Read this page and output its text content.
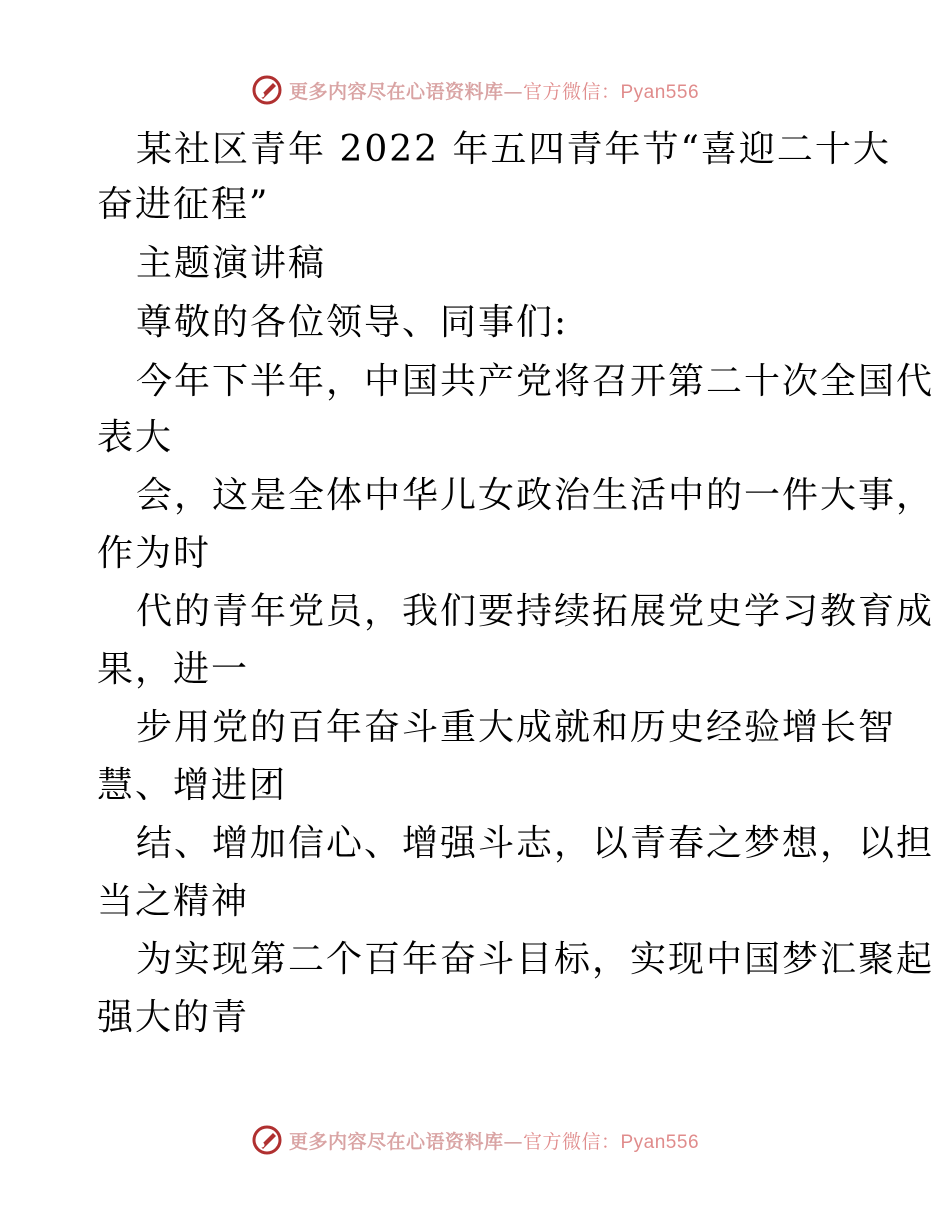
更多内容尽在心语资料库—官方微信：Pyan556
某社区青年 2022 年五四青年节“喜迎二十大
奋进征程”
主题演讲稿
尊敬的各位领导、同事们:
今年下半年，中国共产党将召开第二十次全国代
表大
会，这是全体中华儿女政治生活中的一件大事，
作为时
代的青年党员，我们要持续拓展党史学习教育成
果，进一
步用党的百年奋斗重大成就和历史经验增长智
慧、增进团
结、增加信心、增强斗志，以青春之梦想，以担
当之精神
为实现第二个百年奋斗目标，实现中国梦汇聚起
强大的青
更多内容尽在心语资料库—官方微信：Pyan556
